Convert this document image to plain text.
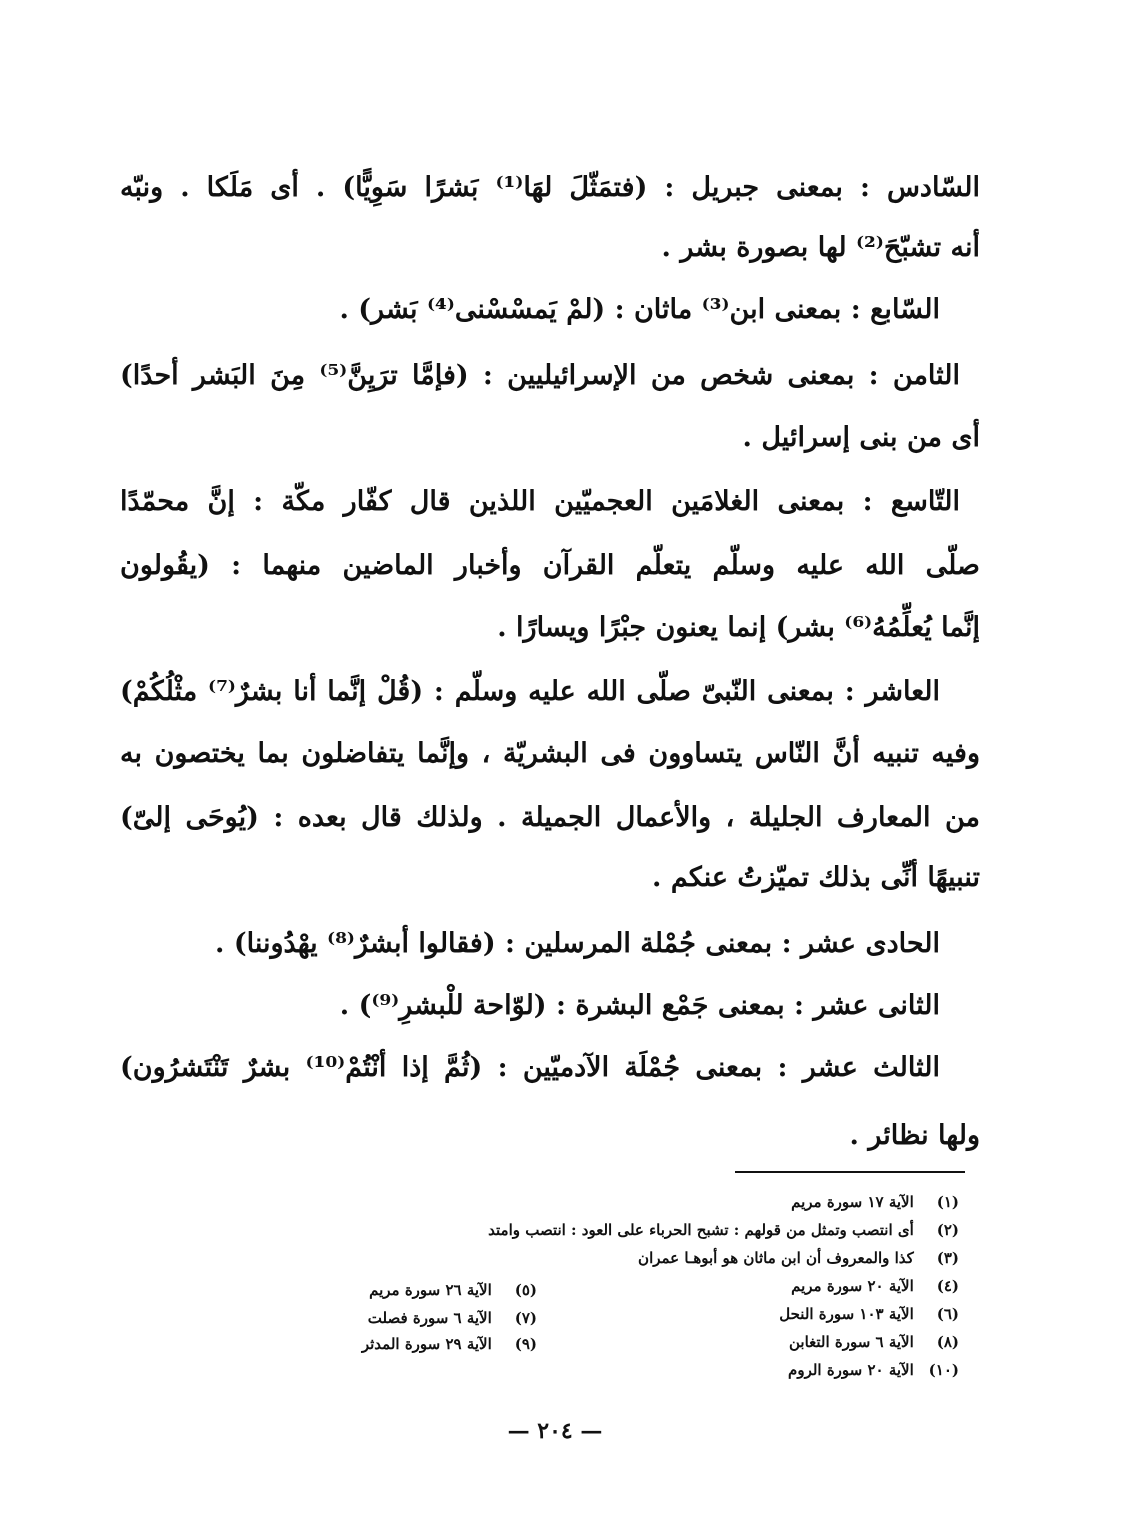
السّادس : بمعنى جبريل : (فتمَثّلَ لهَا⁽¹⁾ بَشرًا سَوِيًّا) . أى مَلَكا . ونبّه
أنه تشبّحَ⁽²⁾ لها بصورة بشر .
السّابع : بمعنى ابن⁽³⁾ ماثان : (لمْ يَمسْسْنى⁽⁴⁾ بَشر) .
الثامن : بمعنى شخص من الإسرائيليين : (فإمَّا ترَيِنَّ⁽⁵⁾ مِنَ البَشر أحدًا)
أى من بنى إسرائيل .
التّاسع : بمعنى الغلامَين العجميّين اللذين قال كفّار مكّة : إنَّ محمّدًا
صلّى الله عليه وسلّم يتعلّم القرآن وأخبار الماضين منهما : (يقُولون
إنَّما يُعلِّمُهُ⁽⁶⁾ بشر) إنما يعنون جبْرًا ويسارًا .
العاشر : بمعنى النّبىّ صلّى الله عليه وسلّم : (قُلْ إنَّما أنا بشرٌ⁽⁷⁾ مثْلُكُمْ)
وفيه تنبيه أنَّ النّاس يتساوون فى البشريّة ، وإنَّما يتفاضلون بما يختصون به
من المعارف الجليلة ، والأعمال الجميلة . ولذلك قال بعده : (يُوحَى إلىّ)
تنبيهًا أنِّى بذلك تميّزتُ عنكم .
الحادى عشر : بمعنى جُمْلة المرسلين : (فقالوا أبشرٌ⁽⁸⁾ يهْدُوننا) .
الثانى عشر : بمعنى جَمْع البشرة : (لوّاحة للْبشرِ⁽⁹⁾) .
الثالث عشر : بمعنى جُمْلَة الآدميّين : (ثُمَّ إذا أنْتُمْ⁽¹⁰⁾ بشرٌ تَنْتَشرُون)
ولها نظائر .
(١) الآية ١٧ سورة مريم
(٢) أى انتصب وتمثل من قولهم : تشبح الحرباء على العود : انتصب وامتد
(٣) كذا والمعروف أن ابن ماثان هو أبوهـا عمران
(٤) الآية ٢٠ سورة مريم
(٦) الآية ١٠٣ سورة النحل
(٨) الآية ٦ سورة التغابن
(١٠) الآية ٢٠ سورة الروم
(٥) الآية ٢٦ سورة مريم
(٧) الآية ٦ سورة فصلت
(٩) الآية ٢٩ سورة المدثر
— ٢٠٤ —
